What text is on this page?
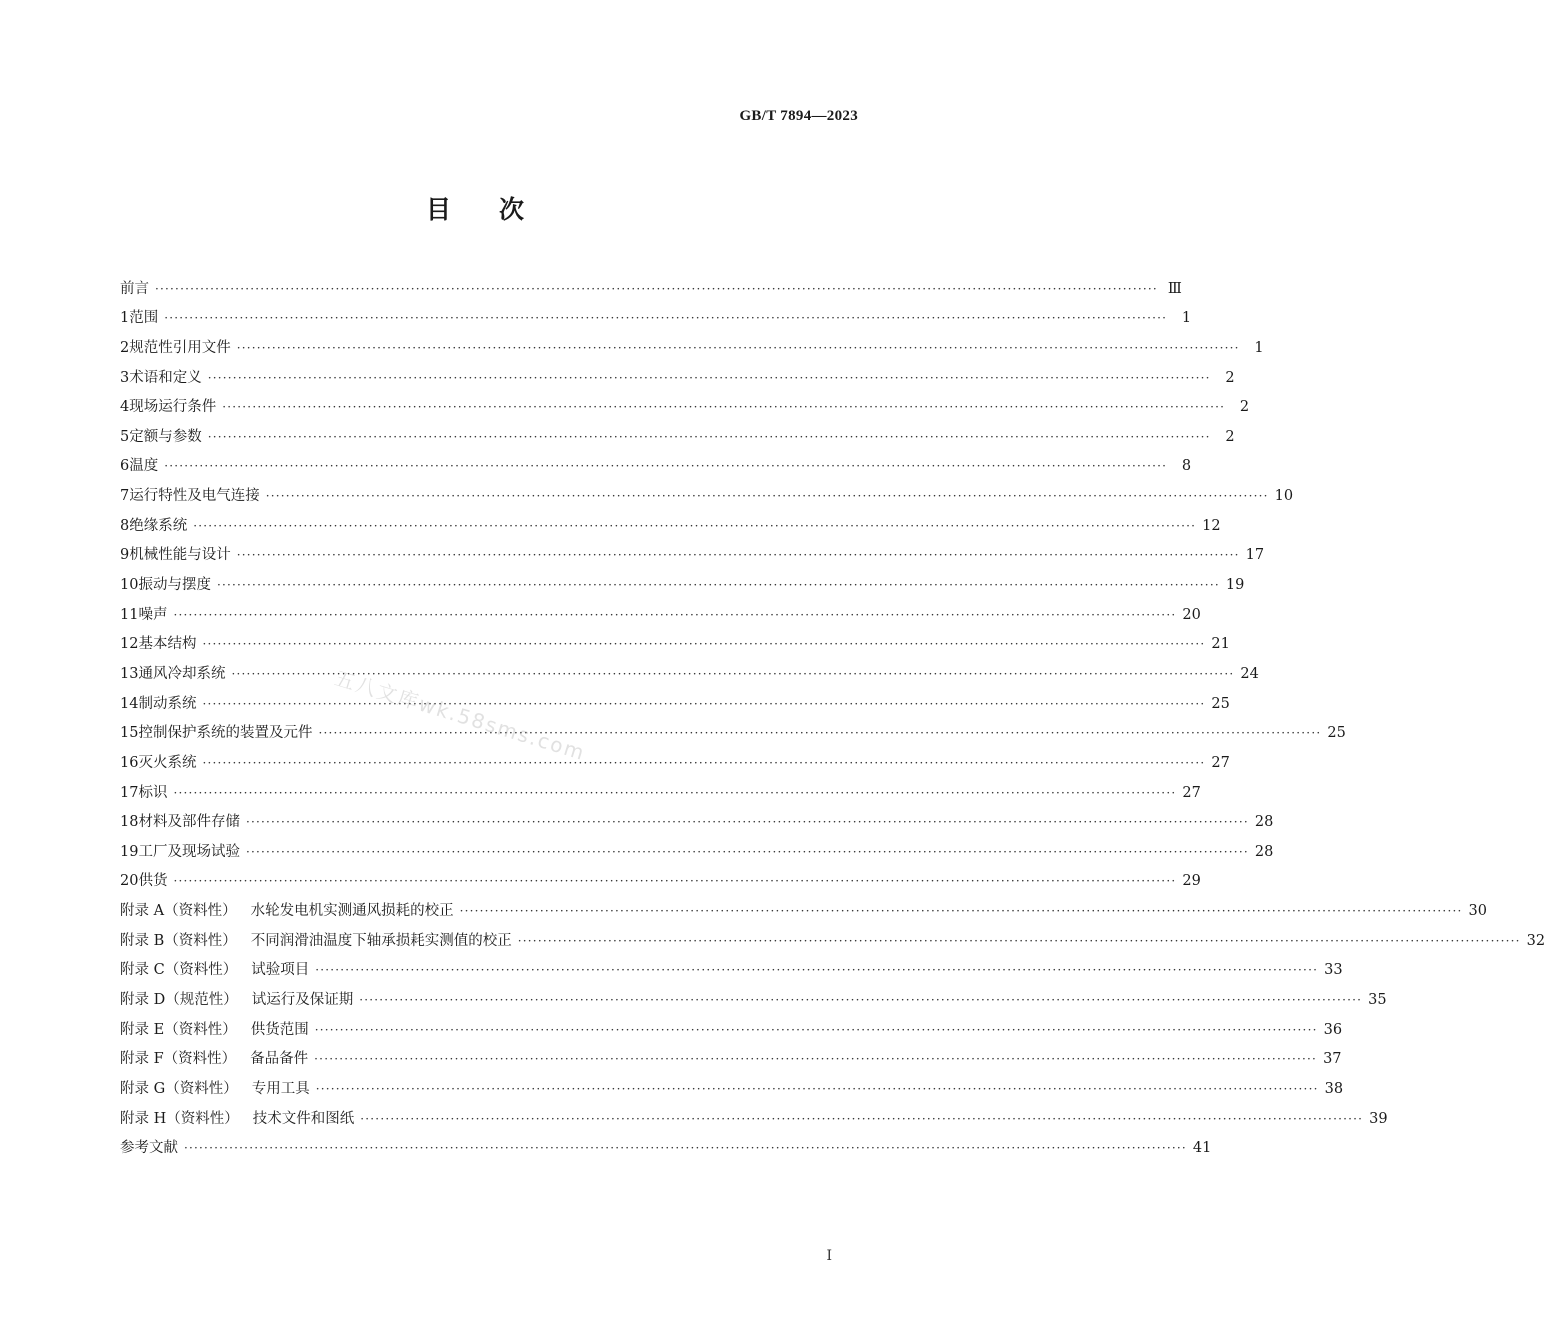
GB/T 7894—2023
目次
前言 ········································································································································································································ Ⅲ
1 范围 ········································································································································································································	1
2 规范性引用文件 ········································································································································································································	1
3 术语和定义 ········································································································································································································	2
4 现场运行条件 ········································································································································································································	2
5 定额与参数 ········································································································································································································	2
6 温度 ········································································································································································································	8
7 运行特性及电气连接 ········································································································································································································ 10
8 绝缘系统 ········································································································································································································ 12
9 机械性能与设计 ········································································································································································································ 17
10 振动与摆度 ········································································································································································································ 19
11 噪声 ········································································································································································································ 20
12 基本结构 ········································································································································································································ 21
13 通风冷却系统 ········································································································································································································ 24
14 制动系统 ········································································································································································································ 25
15 控制保护系统的装置及元件 ········································································································································································································ 25
16 灭火系统 ········································································································································································································ 27
17 标识 ········································································································································································································ 27
18 材料及部件存储 ········································································································································································································ 28
19 工厂及现场试验 ········································································································································································································ 28
20 供货 ········································································································································································································ 29
附录 A（资料性） 水轮发电机实测通风损耗的校正 ········································································································································································································ 30
附录 B（资料性） 不同润滑油温度下轴承损耗实测值的校正 ········································································································································································································ 32
附录 C（资料性） 试验项目 ········································································································································································································ 33
附录 D（规范性） 试运行及保证期 ········································································································································································································ 35
附录 E（资料性） 供货范围 ········································································································································································································ 36
附录 F（资料性） 备品备件 ········································································································································································································ 37
附录 G（资料性） 专用工具 ········································································································································································································ 38
附录 H（资料性） 技术文件和图纸 ········································································································································································································ 39
参考文献 ········································································································································································································ 41
五八文库wk.58sms.com
I
